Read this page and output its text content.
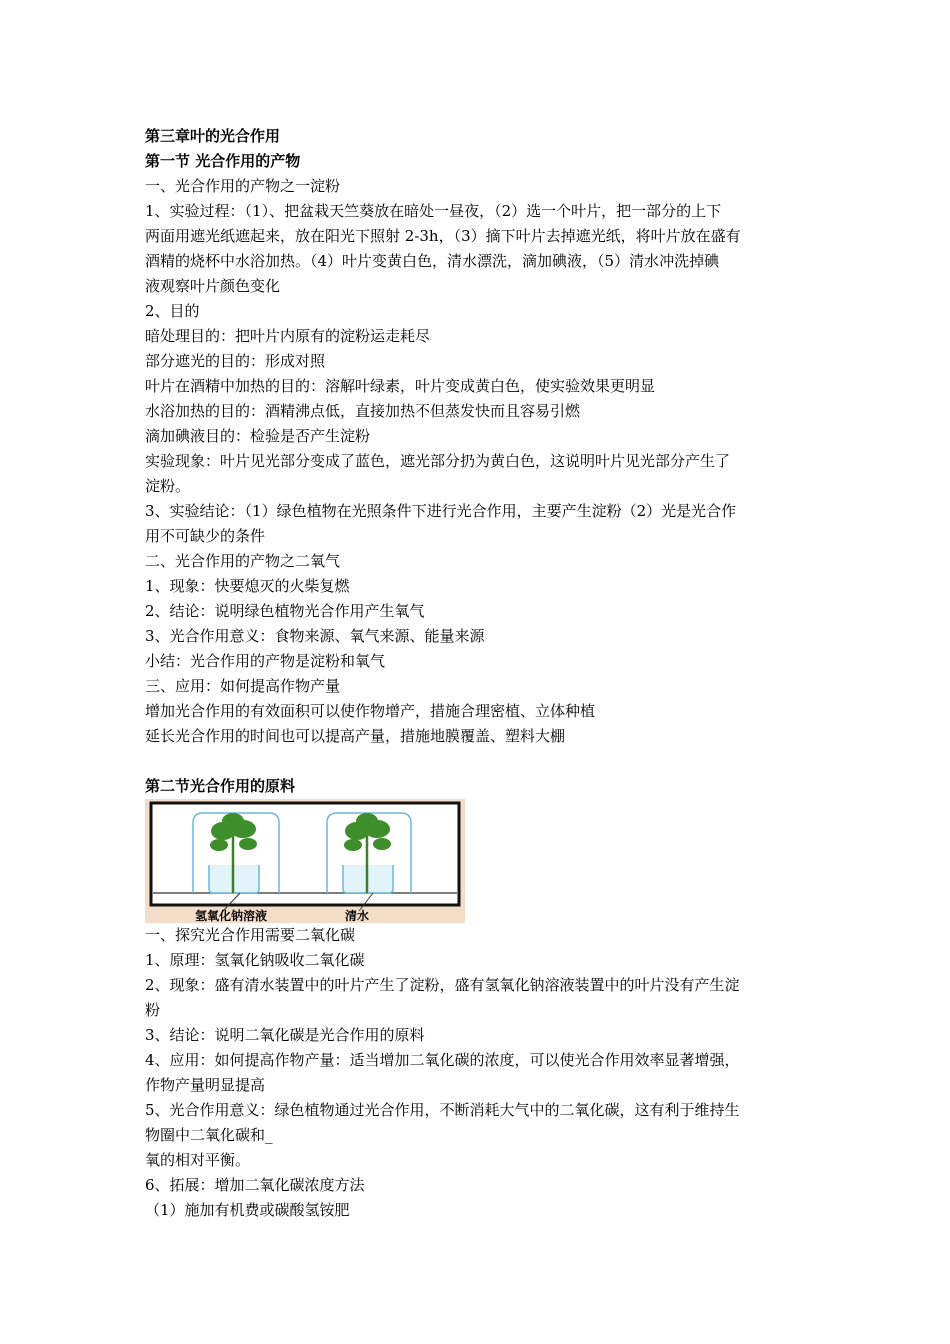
第三章叶的光合作用
第一节 光合作用的产物
一、光合作用的产物之一淀粉
1、实验过程：（1）、把盆栽天竺葵放在暗处一昼夜，（2）选一个叶片，把一部分的上下
两面用遮光纸遮起来，放在阳光下照射 2-3h，（3）摘下叶片去掉遮光纸，将叶片放在盛有
酒精的烧杯中水浴加热。（4）叶片变黄白色，清水漂洗，滴加碘液，（5）清水冲洗掉碘
液观察叶片颜色变化
2、目的
暗处理目的：把叶片内原有的淀粉运走耗尽
部分遮光的目的：形成对照
叶片在酒精中加热的目的：溶解叶绿素，叶片变成黄白色，使实验效果更明显
水浴加热的目的：酒精沸点低，直接加热不但蒸发快而且容易引燃
滴加碘液目的：检验是否产生淀粉
实验现象：叶片见光部分变成了蓝色，遮光部分扔为黄白色，这说明叶片见光部分产生了
淀粉。
3、实验结论：（1）绿色植物在光照条件下进行光合作用，主要产生淀粉（2）光是光合作
用不可缺少的条件
二、光合作用的产物之二氧气
1、现象：快要熄灭的火柴复燃
2、结论：说明绿色植物光合作用产生氧气
3、光合作用意义：食物来源、氧气来源、能量来源
小结：光合作用的产物是淀粉和氧气
三、应用：如何提高作物产量
增加光合作用的有效面积可以使作物增产，措施合理密植、立体种植
延长光合作用的时间也可以提高产量，措施地膜覆盖、塑料大棚
第二节光合作用的原料
氢氧化钠溶液	清水
一、探究光合作用需要二氧化碳
1、原理：氢氧化钠吸收二氧化碳
2、现象：盛有清水装置中的叶片产生了淀粉，盛有氢氧化钠溶液装置中的叶片没有产生淀
粉
3、结论：说明二氧化碳是光合作用的原料
4、应用：如何提高作物产量：适当增加二氧化碳的浓度，可以使光合作用效率显著增强，
作物产量明显提高
5、光合作用意义：绿色植物通过光合作用，不断消耗大气中的二氧化碳，这有利于维持生
物圈中二氧化碳和_
氧的相对平衡。
6、拓展：增加二氧化碳浓度方法
（1）施加有机费或碳酸氢铵肥
